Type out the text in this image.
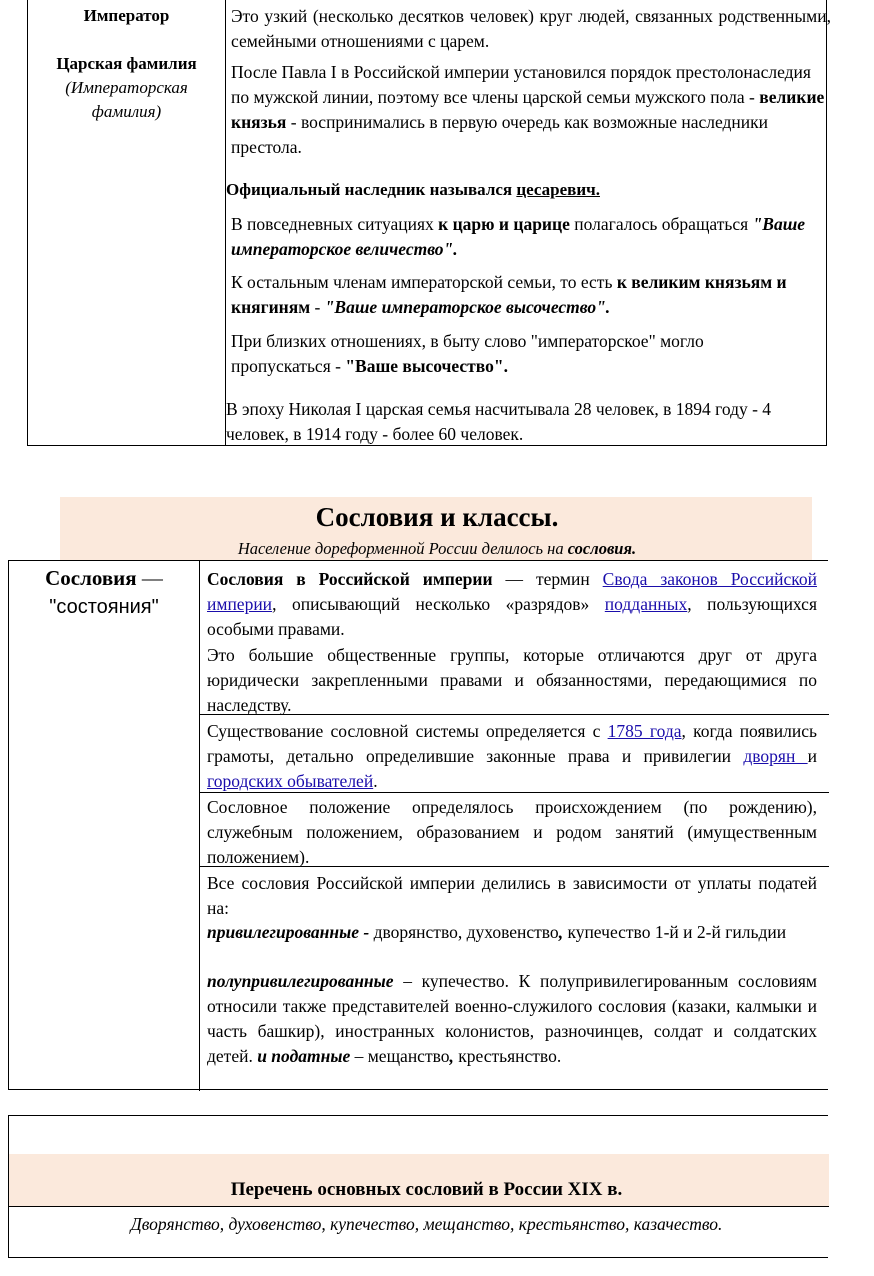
Император
Царская фамилия
(Императорская фамилия)
Это узкий (несколько десятков человек) круг людей, связанных родственными, семейными отношениями с царем.
После Павла I в Российской империи установился порядок престолонаследия по мужской линии, поэтому все члены царской семьи мужского пола - великие князья - воспринимались в первую очередь как возможные наследники престола.
Официальный наследник назывался цесаревич.
В повседневных ситуациях к царю и царице полагалось обращаться "Ваше императорское величество".
К остальным членам императорской семьи, то есть к великим князьям и княгиням - "Ваше императорское высочество".
При близких отношениях, в быту слово "императорское" могло пропускаться - "Ваше высочество".
В эпоху Николая I царская семья насчитывала 28 человек, в 1894 году - 4 человек, в 1914 году - более 60 человек.
Сословия и классы.
Население дореформенной России делилось на сословия.
Сословия —
"состояния"
Сословия в Российской империи — термин Свода законов Российской империи, описывающий несколько «разрядов» подданных, пользующихся особыми правами.
Это большие общественные группы, которые отличаются друг от друга юридически закрепленными правами и обязанностями, передающимися по наследству.
Существование сословной системы определяется с 1785 года, когда появились грамоты, детально определившие законные права и привилегии дворян и городских обывателей.
Сословное положение определялось происхождением (по рождению), служебным положением, образованием и родом занятий (имущественным положением).
Все сословия Российской империи делились в зависимости от уплаты податей на:
привилегированные - дворянство, духовенство, купечество 1-й и 2-й гильдии
полупривилегированные – купечество. К полупривилегированным сословиям относили также представителей военно-служилого сословия (казаки, калмыки и часть башкир), иностранных колонистов, разночинцев, солдат и солдатских детей. и податные – мещанство, крестьянство.
Перечень основных сословий в России XIX в.
Дворянство, духовенство, купечество, мещанство, крестьянство, казачество.
